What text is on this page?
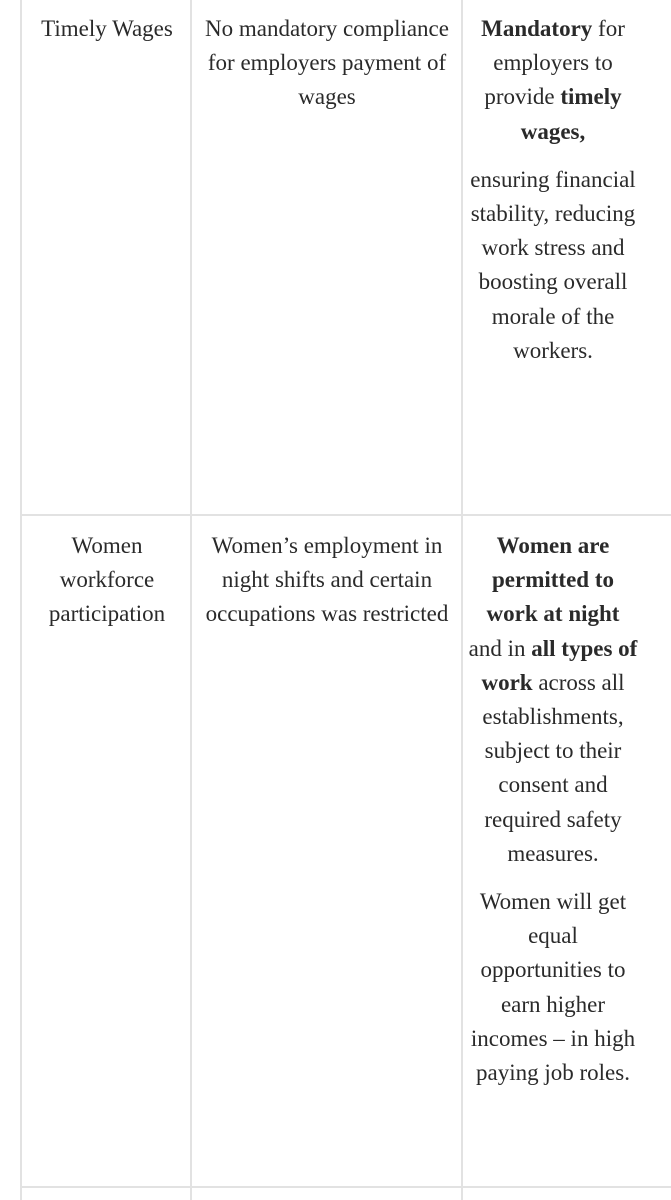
Timely Wages	No mandatory compliance for employers payment of wages

Mandatory for employers to provide timely wages,

ensuring financial stability, reducing work stress and boosting overall morale of the workers.

Women workforce participation

Women’s employment in night shifts and certain occupations was restricted

Women are permitted to work at night and in all types of work across all establishments, subject to their consent and required safety measures.

Women will get equal opportunities to earn higher incomes – in high paying job roles.
